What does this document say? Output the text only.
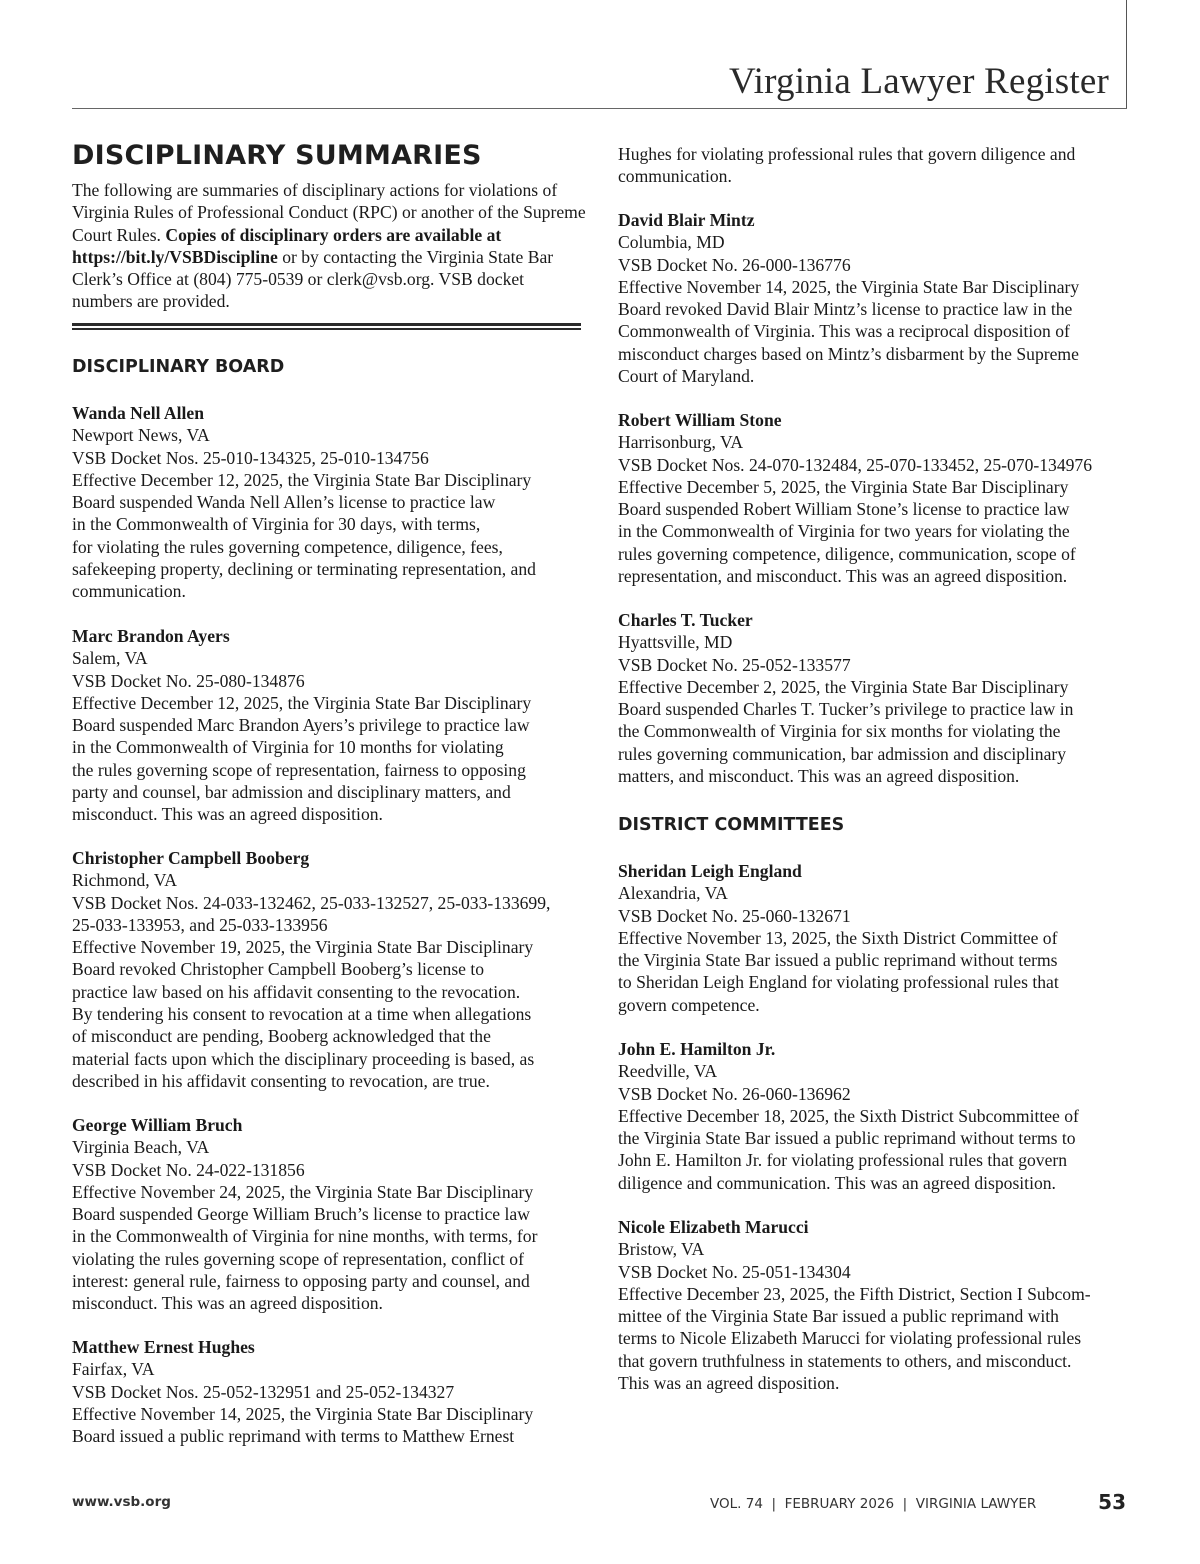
Virginia Lawyer Register
DISCIPLINARY SUMMARIES

The following are summaries of disciplinary actions for violations of Virginia Rules of Professional Conduct (RPC) or another of the Supreme Court Rules. Copies of disciplinary orders are available at https://bit.ly/VSBDiscipline or by contacting the Virginia State Bar Clerk’s Office at (804) 775-0539 or clerk@vsb.org. VSB docket numbers are provided.

DISCIPLINARY BOARD
Wanda Nell Allen
Newport News, VA
VSB Docket Nos. 25-010-134325, 25-010-134756
Effective December 12, 2025, the Virginia State Bar Disciplinary
Board suspended Wanda Nell Allen’s license to practice law
in the Commonwealth of Virginia for 30 days, with terms,
for violating the rules governing competence, diligence, fees,
safekeeping property, declining or terminating representation, and
communication.
Marc Brandon Ayers
Salem, VA
VSB Docket No. 25-080-134876
Effective December 12, 2025, the Virginia State Bar Disciplinary
Board suspended Marc Brandon Ayers’s privilege to practice law
in the Commonwealth of Virginia for 10 months for violating
the rules governing scope of representation, fairness to opposing
party and counsel, bar admission and disciplinary matters, and
misconduct. This was an agreed disposition.
Christopher Campbell Booberg
Richmond, VA
VSB Docket Nos. 24-033-132462, 25-033-132527, 25-033-133699,
25-033-133953, and 25-033-133956
Effective November 19, 2025, the Virginia State Bar Disciplinary
Board revoked Christopher Campbell Booberg’s license to
practice law based on his affidavit consenting to the revocation.
By tendering his consent to revocation at a time when allegations
of misconduct are pending, Booberg acknowledged that the
material facts upon which the disciplinary proceeding is based, as
described in his affidavit consenting to revocation, are true.
George William Bruch
Virginia Beach, VA
VSB Docket No. 24-022-131856
Effective November 24, 2025, the Virginia State Bar Disciplinary
Board suspended George William Bruch’s license to practice law
in the Commonwealth of Virginia for nine months, with terms, for
violating the rules governing scope of representation, conflict of
interest: general rule, fairness to opposing party and counsel, and
misconduct. This was an agreed disposition.
Matthew Ernest Hughes
Fairfax, VA
VSB Docket Nos. 25-052-132951 and 25-052-134327
Effective November 14, 2025, the Virginia State Bar Disciplinary
Board issued a public reprimand with terms to Matthew Ernest
Hughes for violating professional rules that govern diligence and
communication.
David Blair Mintz
Columbia, MD
VSB Docket No. 26-000-136776
Effective November 14, 2025, the Virginia State Bar Disciplinary
Board revoked David Blair Mintz’s license to practice law in the
Commonwealth of Virginia. This was a reciprocal disposition of
misconduct charges based on Mintz’s disbarment by the Supreme
Court of Maryland.
Robert William Stone
Harrisonburg, VA
VSB Docket Nos. 24-070-132484, 25-070-133452, 25-070-134976
Effective December 5, 2025, the Virginia State Bar Disciplinary
Board suspended Robert William Stone’s license to practice law
in the Commonwealth of Virginia for two years for violating the
rules governing competence, diligence, communication, scope of
representation, and misconduct. This was an agreed disposition.
Charles T. Tucker
Hyattsville, MD
VSB Docket No. 25-052-133577
Effective December 2, 2025, the Virginia State Bar Disciplinary
Board suspended Charles T. Tucker’s privilege to practice law in
the Commonwealth of Virginia for six months for violating the
rules governing communication, bar admission and disciplinary
matters, and misconduct. This was an agreed disposition.
DISTRICT COMMITTEES
Sheridan Leigh England
Alexandria, VA
VSB Docket No. 25-060-132671
Effective November 13, 2025, the Sixth District Committee of
the Virginia State Bar issued a public reprimand without terms
to Sheridan Leigh England for violating professional rules that
govern competence.
John E. Hamilton Jr.
Reedville, VA
VSB Docket No. 26-060-136962
Effective December 18, 2025, the Sixth District Subcommittee of
the Virginia State Bar issued a public reprimand without terms to
John E. Hamilton Jr. for violating professional rules that govern
diligence and communication. This was an agreed disposition.
Nicole Elizabeth Marucci
Bristow, VA
VSB Docket No. 25-051-134304
Effective December 23, 2025, the Fifth District, Section I Subcom-
mittee of the Virginia State Bar issued a public reprimand with
terms to Nicole Elizabeth Marucci for violating professional rules
that govern truthfulness in statements to others, and misconduct.
This was an agreed disposition.
www.vsb.org	VOL. 74  |  FEBRUARY 2026  |  VIRGINIA LAWYER	53
